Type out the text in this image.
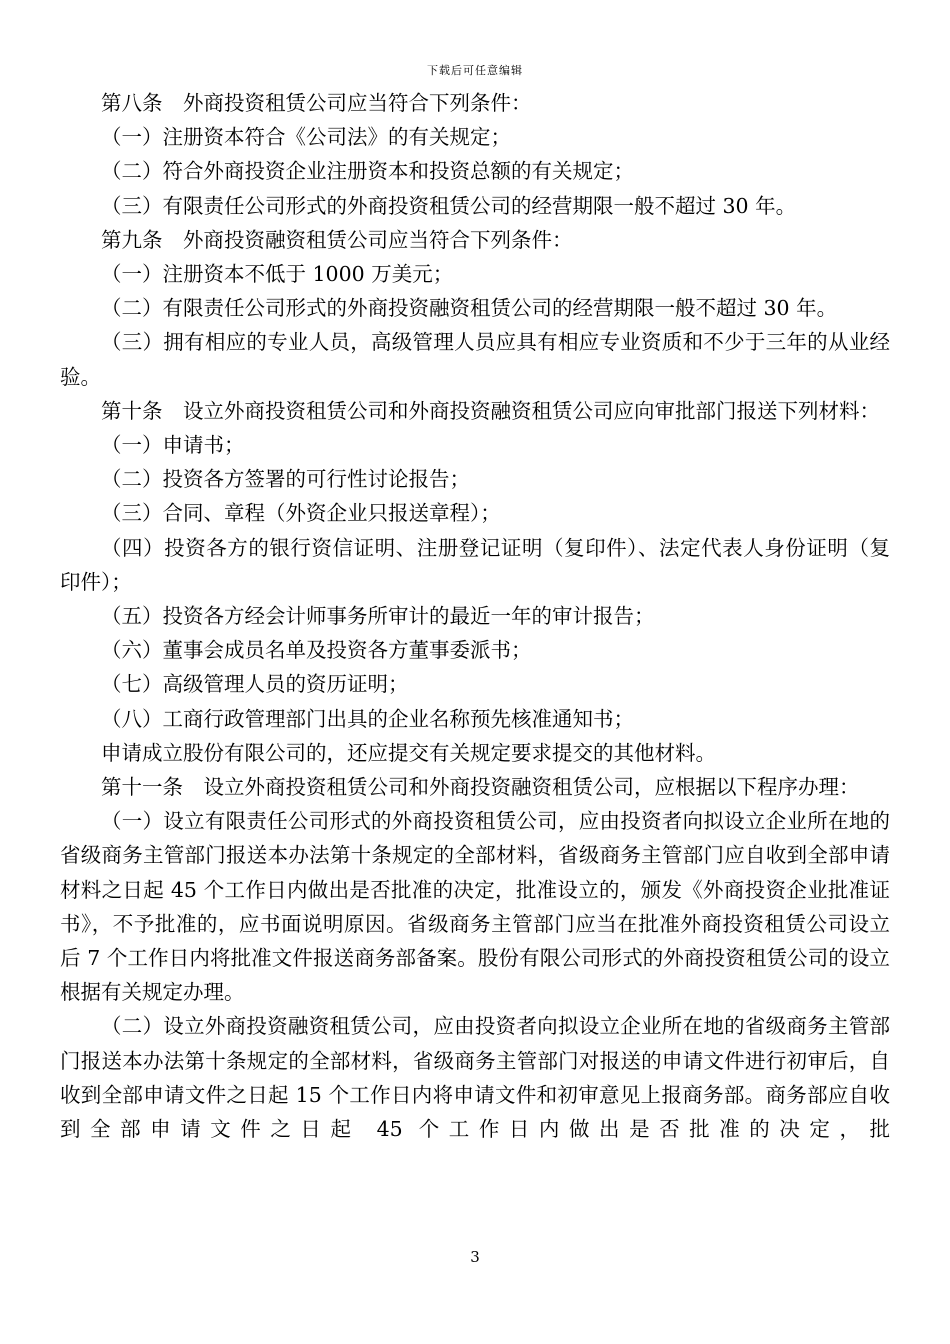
下载后可任意编辑

第八条　外商投资租赁公司应当符合下列条件：

（一）注册资本符合《公司法》的有关规定；

（二）符合外商投资企业注册资本和投资总额的有关规定；

（三）有限责任公司形式的外商投资租赁公司的经营期限一般不超过 30 年。

第九条　外商投资融资租赁公司应当符合下列条件：

（一）注册资本不低于 1000 万美元；

（二）有限责任公司形式的外商投资融资租赁公司的经营期限一般不超过 30 年。

（三）拥有相应的专业人员，高级管理人员应具有相应专业资质和不少于三年的从业经验。

第十条　设立外商投资租赁公司和外商投资融资租赁公司应向审批部门报送下列材料：

（一）申请书；

（二）投资各方签署的可行性讨论报告；

（三）合同、章程（外资企业只报送章程）；

（四）投资各方的银行资信证明、注册登记证明（复印件）、法定代表人身份证明（复印件）；

（五）投资各方经会计师事务所审计的最近一年的审计报告；

（六）董事会成员名单及投资各方董事委派书；

（七）高级管理人员的资历证明；

（八）工商行政管理部门出具的企业名称预先核准通知书；

申请成立股份有限公司的，还应提交有关规定要求提交的其他材料。

第十一条　设立外商投资租赁公司和外商投资融资租赁公司，应根据以下程序办理：

（一）设立有限责任公司形式的外商投资租赁公司，应由投资者向拟设立企业所在地的省级商务主管部门报送本办法第十条规定的全部材料，省级商务主管部门应自收到全部申请材料之日起 45 个工作日内做出是否批准的决定，批准设立的，颁发《外商投资企业批准证书》，不予批准的，应书面说明原因。省级商务主管部门应当在批准外商投资租赁公司设立后 7 个工作日内将批准文件报送商务部备案。股份有限公司形式的外商投资租赁公司的设立根据有关规定办理。

（二）设立外商投资融资租赁公司，应由投资者向拟设立企业所在地的省级商务主管部门报送本办法第十条规定的全部材料，省级商务主管部门对报送的申请文件进行初审后，自收到全部申请文件之日起 15 个工作日内将申请文件和初审意见上报商务部。商务部应自收到全部申请文件之日起 45 个工作日内做出是否批准的决定，批

3
